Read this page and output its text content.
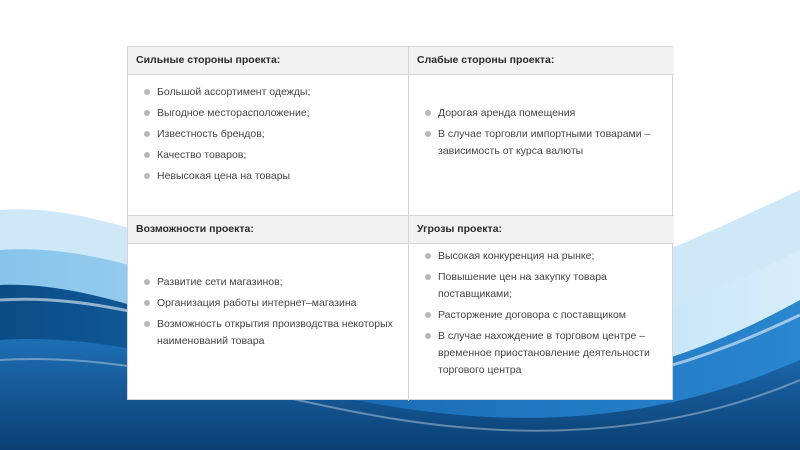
Сильные стороны проекта:
Большой ассортимент одежды;
Выгодное месторасположение;
Известность брендов;
Качество товаров;
Невысокая цена на товары
Слабые стороны проекта:
Дорогая аренда помещения
В случае торговли импортными товарами – зависимость от курса валюты
Возможности проекта:
Развитие сети магазинов;
Организация работы интернет–магазина
Возможность открытия производства некоторых наименований товара
Угрозы проекта:
Высокая конкуренция на рынке;
Повышение цен на закупку товара поставщиками;
Расторжение договора с поставщиком
В случае нахождение в торговом центре – временное приостановление деятельности торгового центра
